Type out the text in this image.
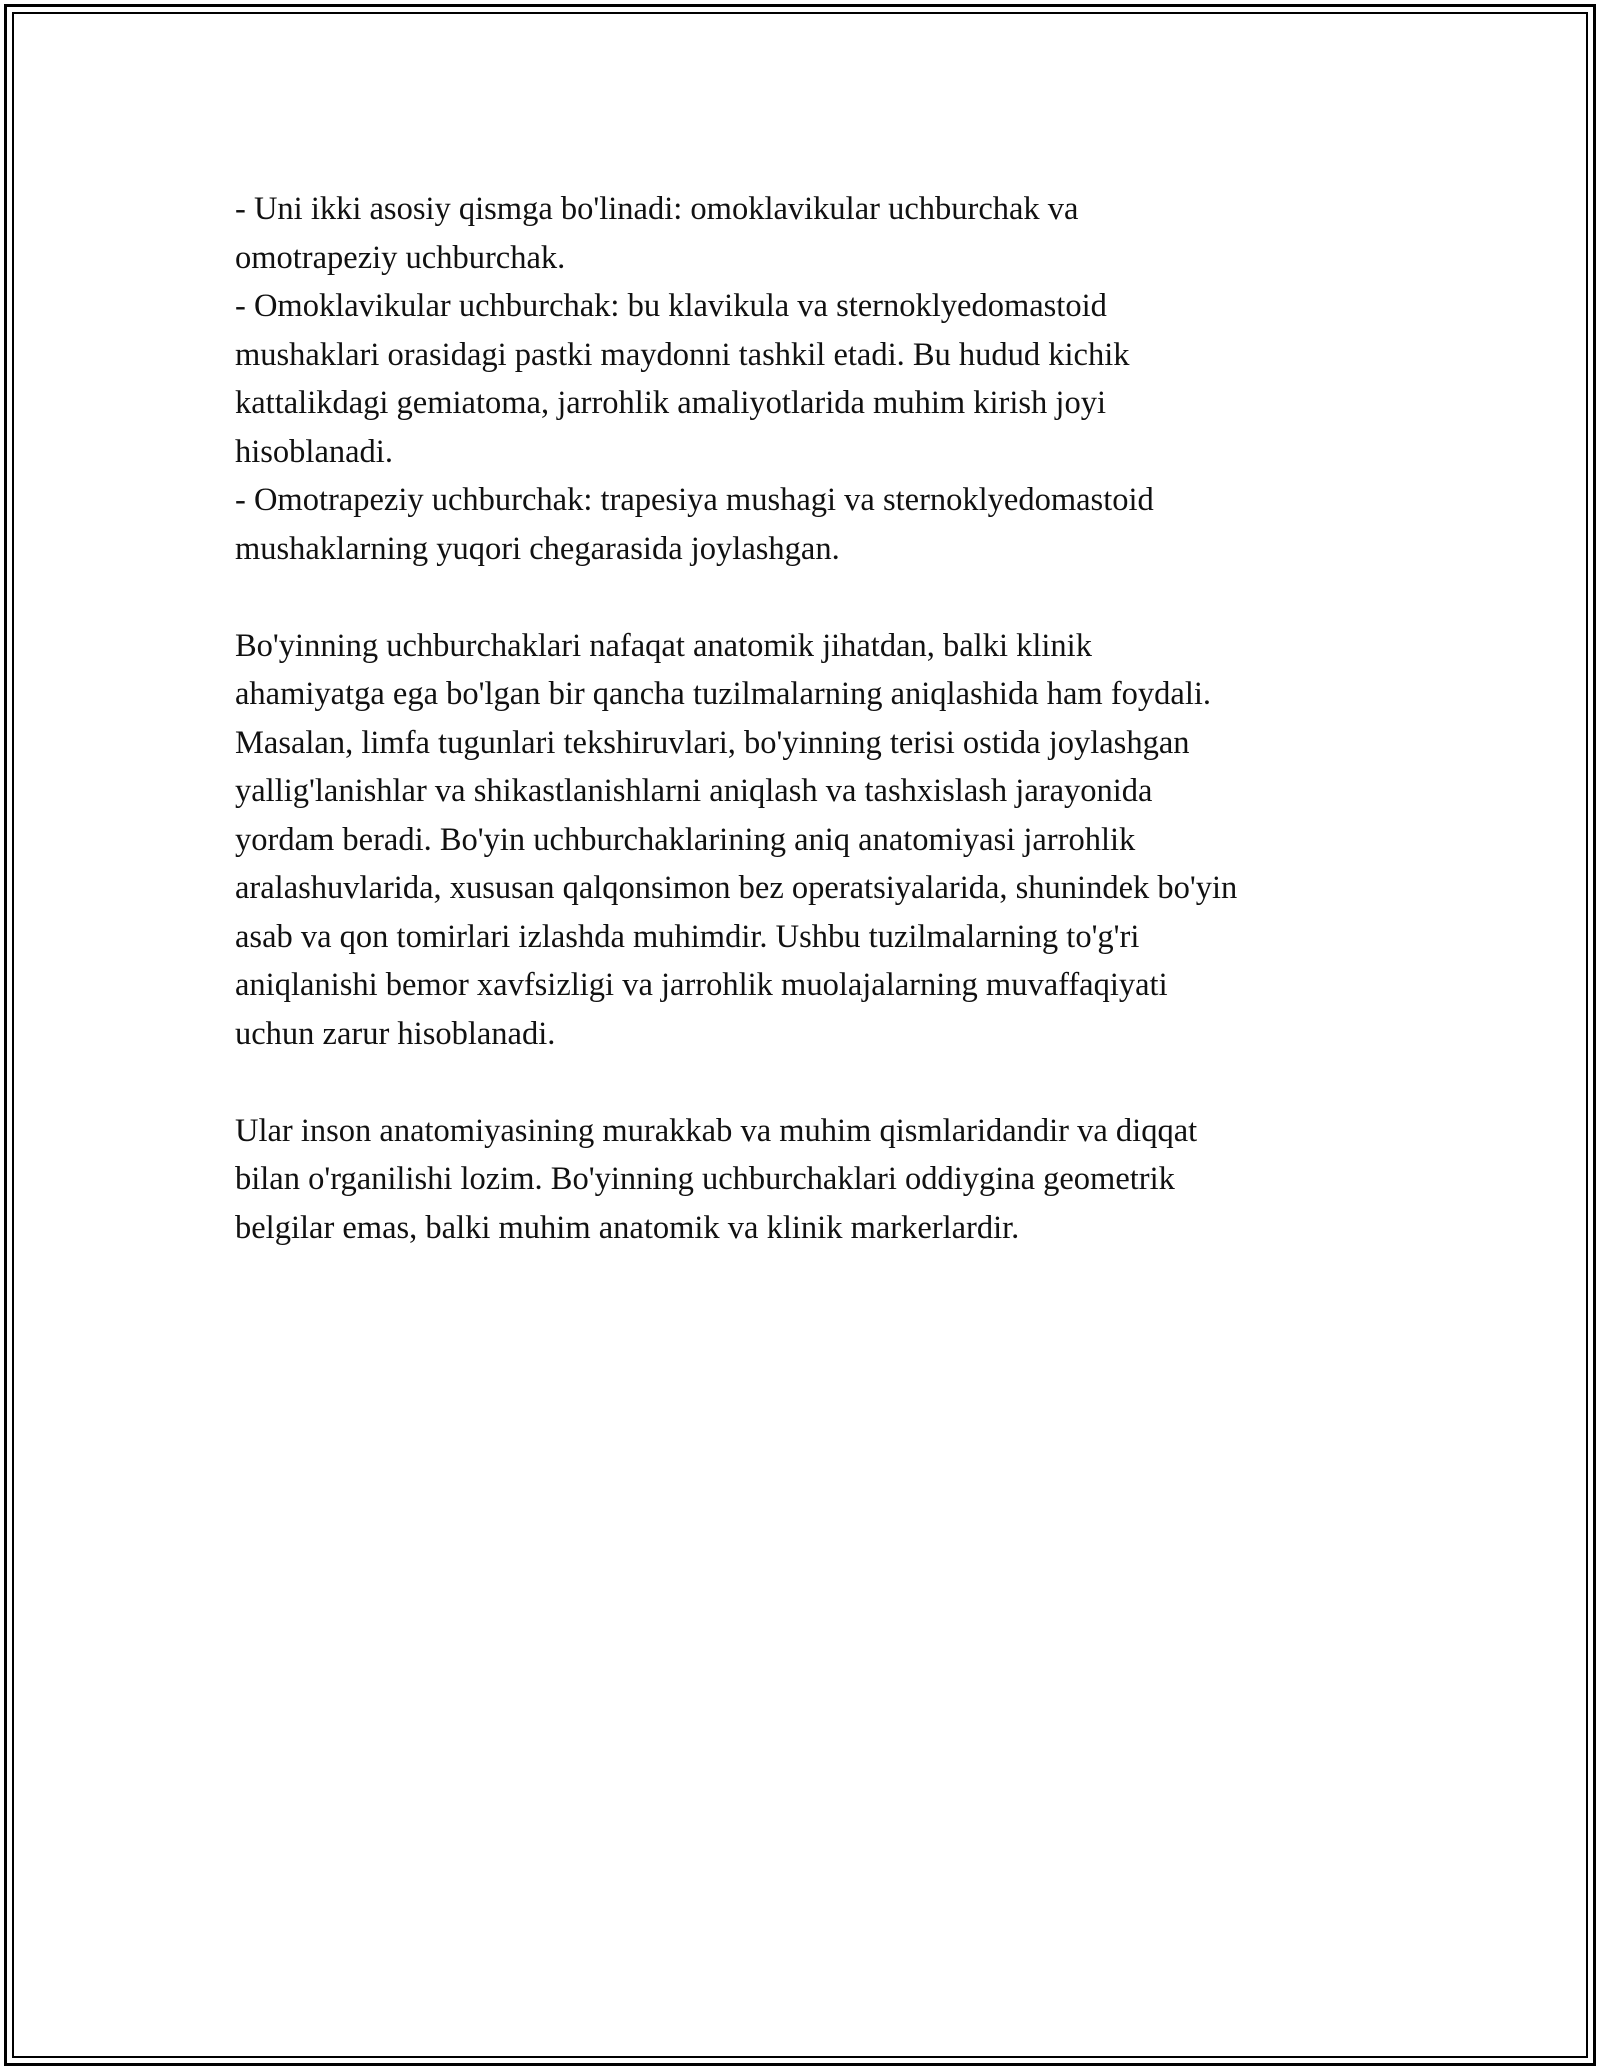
- Uni ikki asosiy qismga bo'linadi: omoklavikular uchburchak va
omotrapeziy uchburchak.
- Omoklavikular uchburchak: bu klavikula va sternoklyedomastoid
mushaklari orasidagi pastki maydonni tashkil etadi. Bu hudud kichik
kattalikdagi gemiatoma, jarrohlik amaliyotlarida muhim kirish joyi
hisoblanadi.
- Omotrapeziy uchburchak: trapesiya mushagi va sternoklyedomastoid
mushaklarning yuqori chegarasida joylashgan.
Bo'yinning uchburchaklari nafaqat anatomik jihatdan, balki klinik
ahamiyatga ega bo'lgan bir qancha tuzilmalarning aniqlashida ham foydali.
Masalan, limfa tugunlari tekshiruvlari, bo'yinning terisi ostida joylashgan
yallig'lanishlar va shikastlanishlarni aniqlash va tashxislash jarayonida
yordam beradi. Bo'yin uchburchaklarining aniq anatomiyasi jarrohlik
aralashuvlarida, xususan qalqonsimon bez operatsiyalarida, shunindek bo'yin
asab va qon tomirlari izlashda muhimdir. Ushbu tuzilmalarning to'g'ri
aniqlanishi bemor xavfsizligi va jarrohlik muolajalarning muvaffaqiyati
uchun zarur hisoblanadi.
Ular inson anatomiyasining murakkab va muhim qismlaridandir va diqqat
bilan o'rganilishi lozim. Bo'yinning uchburchaklari oddiygina geometrik
belgilar emas, balki muhim anatomik va klinik markerlardir.
